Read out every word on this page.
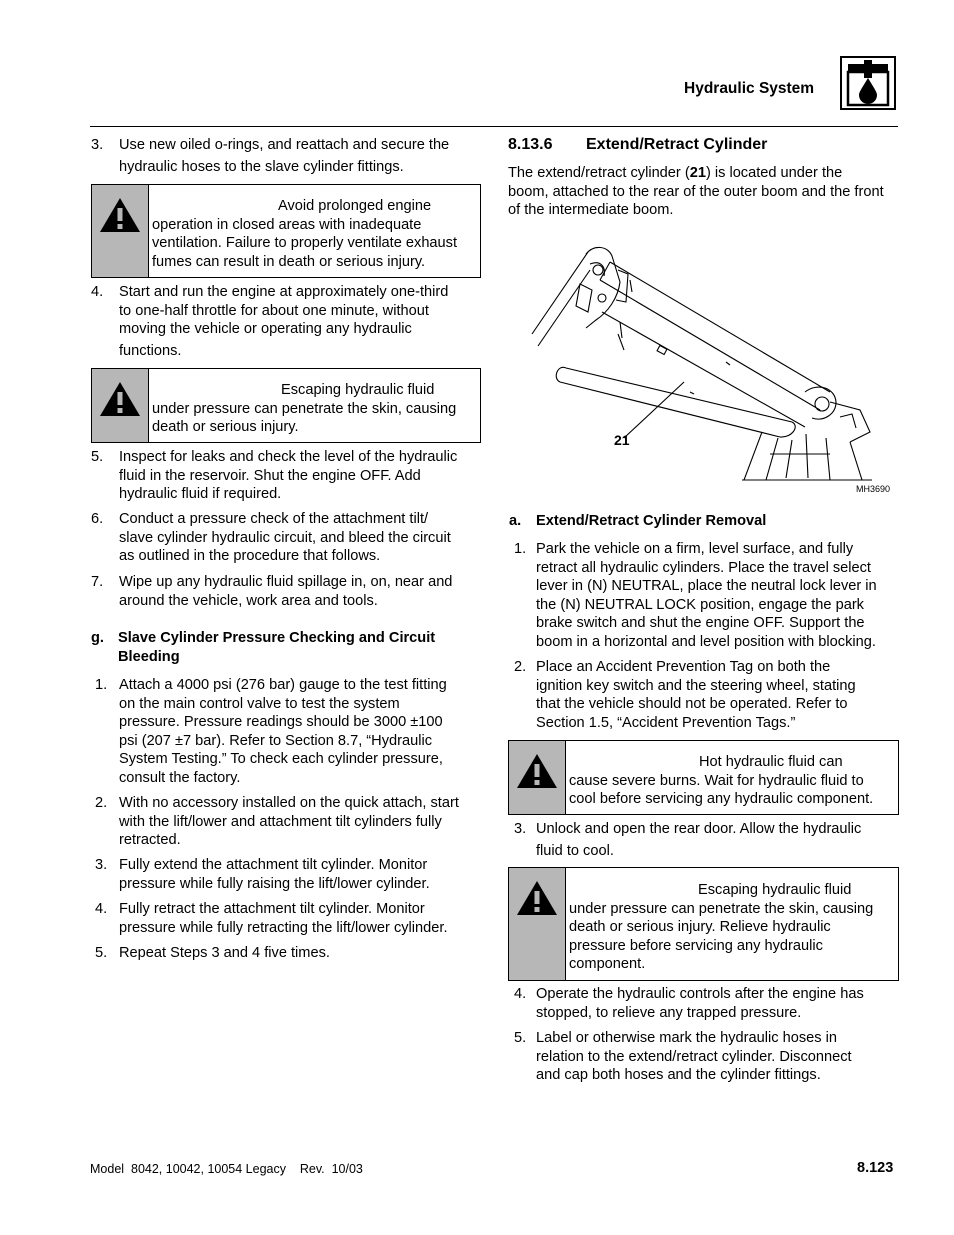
Hydraulic System
3. Use new oiled o-rings, and reattach and secure the
hydraulic hoses to the slave cylinder fittings.
Avoid prolonged engine
operation in closed areas with inadequate
ventilation. Failure to properly ventilate exhaust
fumes can result in death or serious injury.
4. Start and run the engine at approximately one-third
to one-half throttle for about one minute, without
moving the vehicle or operating any hydraulic
functions.
Escaping hydraulic fluid
under pressure can penetrate the skin, causing
death or serious injury.
5. Inspect for leaks and check the level of the hydraulic
fluid in the reservoir. Shut the engine OFF. Add
hydraulic fluid if required.
6. Conduct a pressure check of the attachment tilt/
slave cylinder hydraulic circuit, and bleed the circuit
as outlined in the procedure that follows.
7. Wipe up any hydraulic fluid spillage in, on, near and
around the vehicle, work area and tools.
g. Slave Cylinder Pressure Checking and Circuit
Bleeding
1. Attach a 4000 psi (276 bar) gauge to the test fitting
on the main control valve to test the system
pressure. Pressure readings should be 3000 ±100
psi (207 ±7 bar). Refer to Section 8.7, “Hydraulic
System Testing.” To check each cylinder pressure,
consult the factory.
2. With no accessory installed on the quick attach, start
with the lift/lower and attachment tilt cylinders fully
retracted.
3. Fully extend the attachment tilt cylinder. Monitor
pressure while fully raising the lift/lower cylinder.
4. Fully retract the attachment tilt cylinder. Monitor
pressure while fully retracting the lift/lower cylinder.
5. Repeat Steps 3 and 4 five times.
8.13.6 Extend/Retract Cylinder
The extend/retract cylinder (21) is located under the
boom, attached to the rear of the outer boom and the front
of the intermediate boom.
21
MH3690
a. Extend/Retract Cylinder Removal
1. Park the vehicle on a firm, level surface, and fully
retract all hydraulic cylinders. Place the travel select
lever in (N) NEUTRAL, place the neutral lock lever in
the (N) NEUTRAL LOCK position, engage the park
brake switch and shut the engine OFF. Support the
boom in a horizontal and level position with blocking.
2. Place an Accident Prevention Tag on both the
ignition key switch and the steering wheel, stating
that the vehicle should not be operated. Refer to
Section 1.5, “Accident Prevention Tags.”
Hot hydraulic fluid can
cause severe burns. Wait for hydraulic fluid to
cool before servicing any hydraulic component.
3. Unlock and open the rear door. Allow the hydraulic
fluid to cool.
Escaping hydraulic fluid
under pressure can penetrate the skin, causing
death or serious injury. Relieve hydraulic
pressure before servicing any hydraulic
component.
4. Operate the hydraulic controls after the engine has
stopped, to relieve any trapped pressure.
5. Label or otherwise mark the hydraulic hoses in
relation to the extend/retract cylinder. Disconnect
and cap both hoses and the cylinder fittings.
Model  8042, 10042, 10054 Legacy    Rev.  10/03	8.123
